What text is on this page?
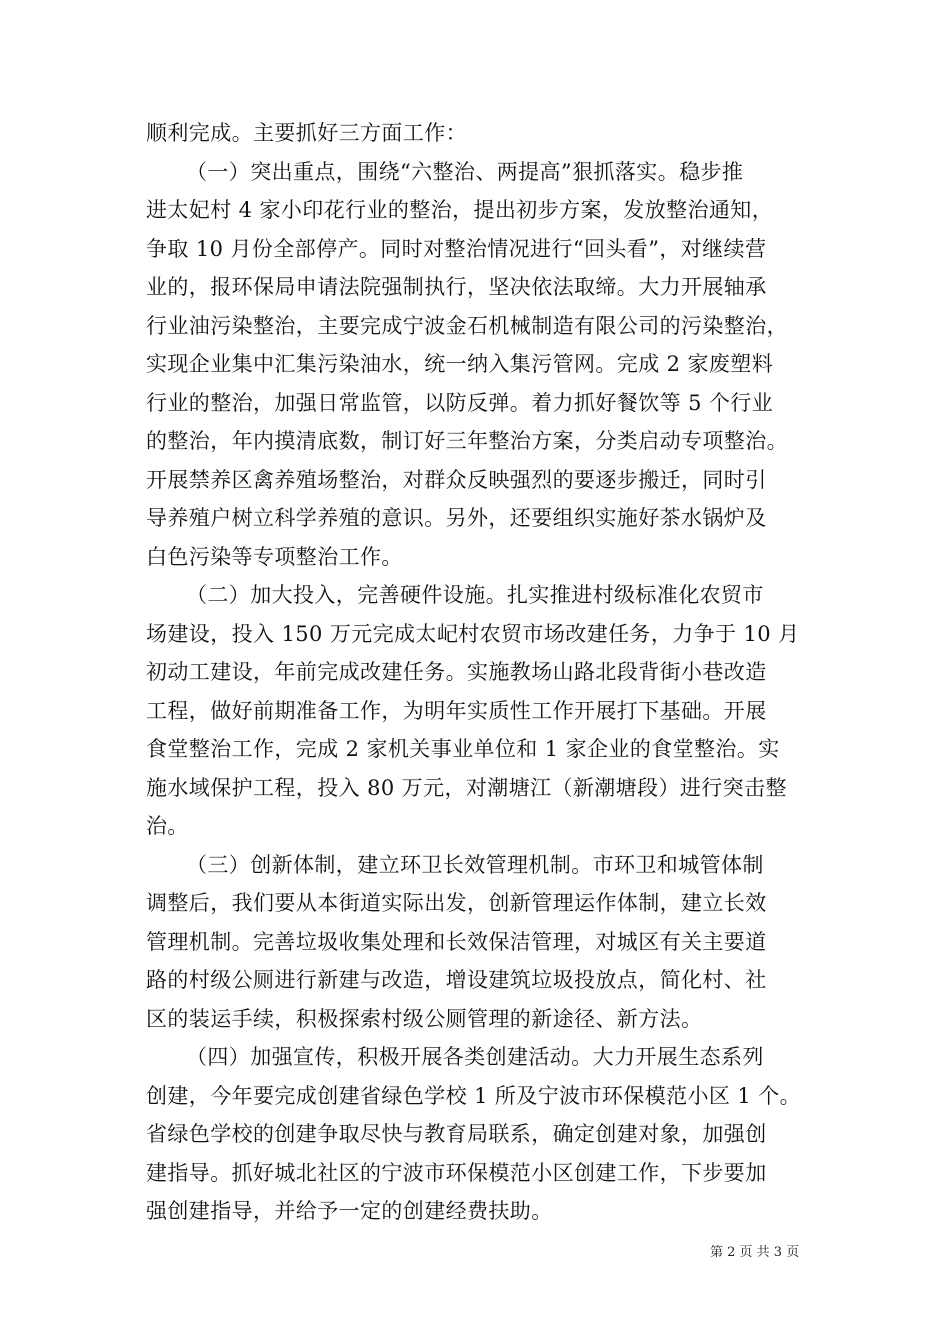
顺利完成。主要抓好三方面工作：
（一）突出重点，围绕“六整治、两提高”狠抓落实。稳步推
进太妃村 4 家小印花行业的整治，提出初步方案，发放整治通知，
争取 10 月份全部停产。同时对整治情况进行“回头看”，对继续营
业的，报环保局申请法院强制执行，坚决依法取缔。大力开展轴承
行业油污染整治，主要完成宁波金石机械制造有限公司的污染整治，
实现企业集中汇集污染油水，统一纳入集污管网。完成 2 家废塑料
行业的整治，加强日常监管，以防反弹。着力抓好餐饮等 5 个行业
的整治，年内摸清底数，制订好三年整治方案，分类启动专项整治。
开展禁养区禽养殖场整治，对群众反映强烈的要逐步搬迁，同时引
导养殖户树立科学养殖的意识。另外，还要组织实施好茶水锅炉及
白色污染等专项整治工作。
（二）加大投入，完善硬件设施。扎实推进村级标准化农贸市
场建设，投入 150 万元完成太屺村农贸市场改建任务，力争于 10 月
初动工建设，年前完成改建任务。实施教场山路北段背街小巷改造
工程，做好前期准备工作，为明年实质性工作开展打下基础。开展
食堂整治工作，完成 2 家机关事业单位和 1 家企业的食堂整治。实
施水域保护工程，投入 80 万元，对潮塘江（新潮塘段）进行突击整
治。
（三）创新体制，建立环卫长效管理机制。市环卫和城管体制
调整后，我们要从本街道实际出发，创新管理运作体制，建立长效
管理机制。完善垃圾收集处理和长效保洁管理，对城区有关主要道
路的村级公厕进行新建与改造，增设建筑垃圾投放点，简化村、社
区的装运手续，积极探索村级公厕管理的新途径、新方法。
（四）加强宣传，积极开展各类创建活动。大力开展生态系列
创建，今年要完成创建省绿色学校 1 所及宁波市环保模范小区 1 个。
省绿色学校的创建争取尽快与教育局联系，确定创建对象，加强创
建指导。抓好城北社区的宁波市环保模范小区创建工作，下步要加
强创建指导，并给予一定的创建经费扶助。
第 2 页 共 3 页
